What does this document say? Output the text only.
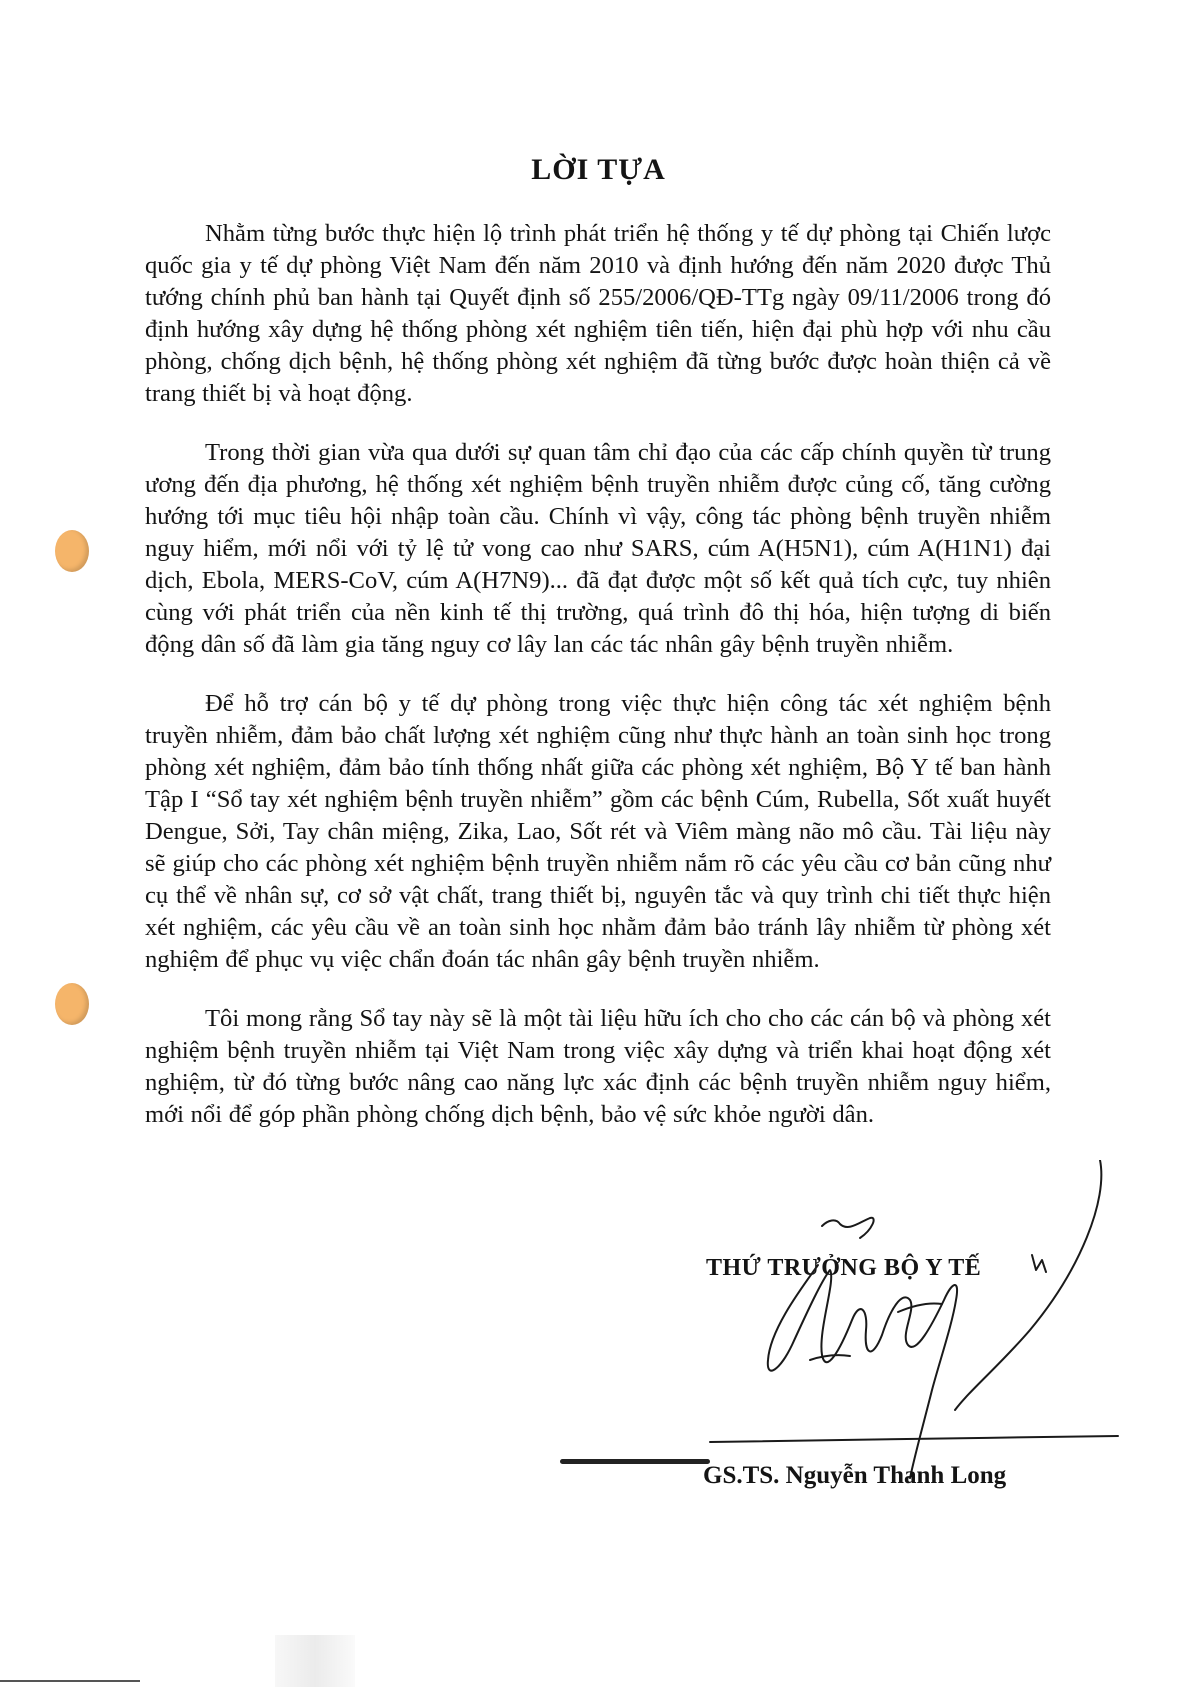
LỜI TỰA

Nhằm từng bước thực hiện lộ trình phát triển hệ thống y tế dự phòng tại Chiến lược quốc gia y tế dự phòng Việt Nam đến năm 2010 và định hướng đến năm 2020 được Thủ tướng chính phủ ban hành tại Quyết định số 255/2006/QĐ-TTg ngày 09/11/2006 trong đó định hướng xây dựng hệ thống phòng xét nghiệm tiên tiến, hiện đại phù hợp với nhu cầu phòng, chống dịch bệnh, hệ thống phòng xét nghiệm đã từng bước được hoàn thiện cả về trang thiết bị và hoạt động.

Trong thời gian vừa qua dưới sự quan tâm chỉ đạo của các cấp chính quyền từ trung ương đến địa phương, hệ thống xét nghiệm bệnh truyền nhiễm được củng cố, tăng cường hướng tới mục tiêu hội nhập toàn cầu. Chính vì vậy, công tác phòng bệnh truyền nhiễm nguy hiểm, mới nổi với tỷ lệ tử vong cao như SARS, cúm A(H5N1), cúm A(H1N1) đại dịch, Ebola, MERS-CoV, cúm A(H7N9)... đã đạt được một số kết quả tích cực, tuy nhiên cùng với phát triển của nền kinh tế thị trường, quá trình đô thị hóa, hiện tượng di biến động dân số đã làm gia tăng nguy cơ lây lan các tác nhân gây bệnh truyền nhiễm.

Để hỗ trợ cán bộ y tế dự phòng trong việc thực hiện công tác xét nghiệm bệnh truyền nhiễm, đảm bảo chất lượng xét nghiệm cũng như thực hành an toàn sinh học trong phòng xét nghiệm, đảm bảo tính thống nhất giữa các phòng xét nghiệm, Bộ Y tế ban hành Tập I “Sổ tay xét nghiệm bệnh truyền nhiễm” gồm các bệnh Cúm, Rubella, Sốt xuất huyết Dengue, Sởi, Tay chân miệng, Zika, Lao, Sốt rét và Viêm màng não mô cầu. Tài liệu này sẽ giúp cho các phòng xét nghiệm bệnh truyền nhiễm nắm rõ các yêu cầu cơ bản cũng như cụ thể về nhân sự, cơ sở vật chất, trang thiết bị, nguyên tắc và quy trình chi tiết thực hiện xét nghiệm, các yêu cầu về an toàn sinh học nhằm đảm bảo tránh lây nhiễm từ phòng xét nghiệm để phục vụ việc chẩn đoán tác nhân gây bệnh truyền nhiễm.

Tôi mong rằng Sổ tay này sẽ là một tài liệu hữu ích cho cho các cán bộ và phòng xét nghiệm bệnh truyền nhiễm tại Việt Nam trong việc xây dựng và triển khai hoạt động xét nghiệm, từ đó từng bước nâng cao năng lực xác định các bệnh truyền nhiễm nguy hiểm, mới nổi để góp phần phòng chống dịch bệnh, bảo vệ sức khỏe người dân.

THỨ TRƯỞNG BỘ Y TẾ
GS.TS. Nguyễn Thanh Long
